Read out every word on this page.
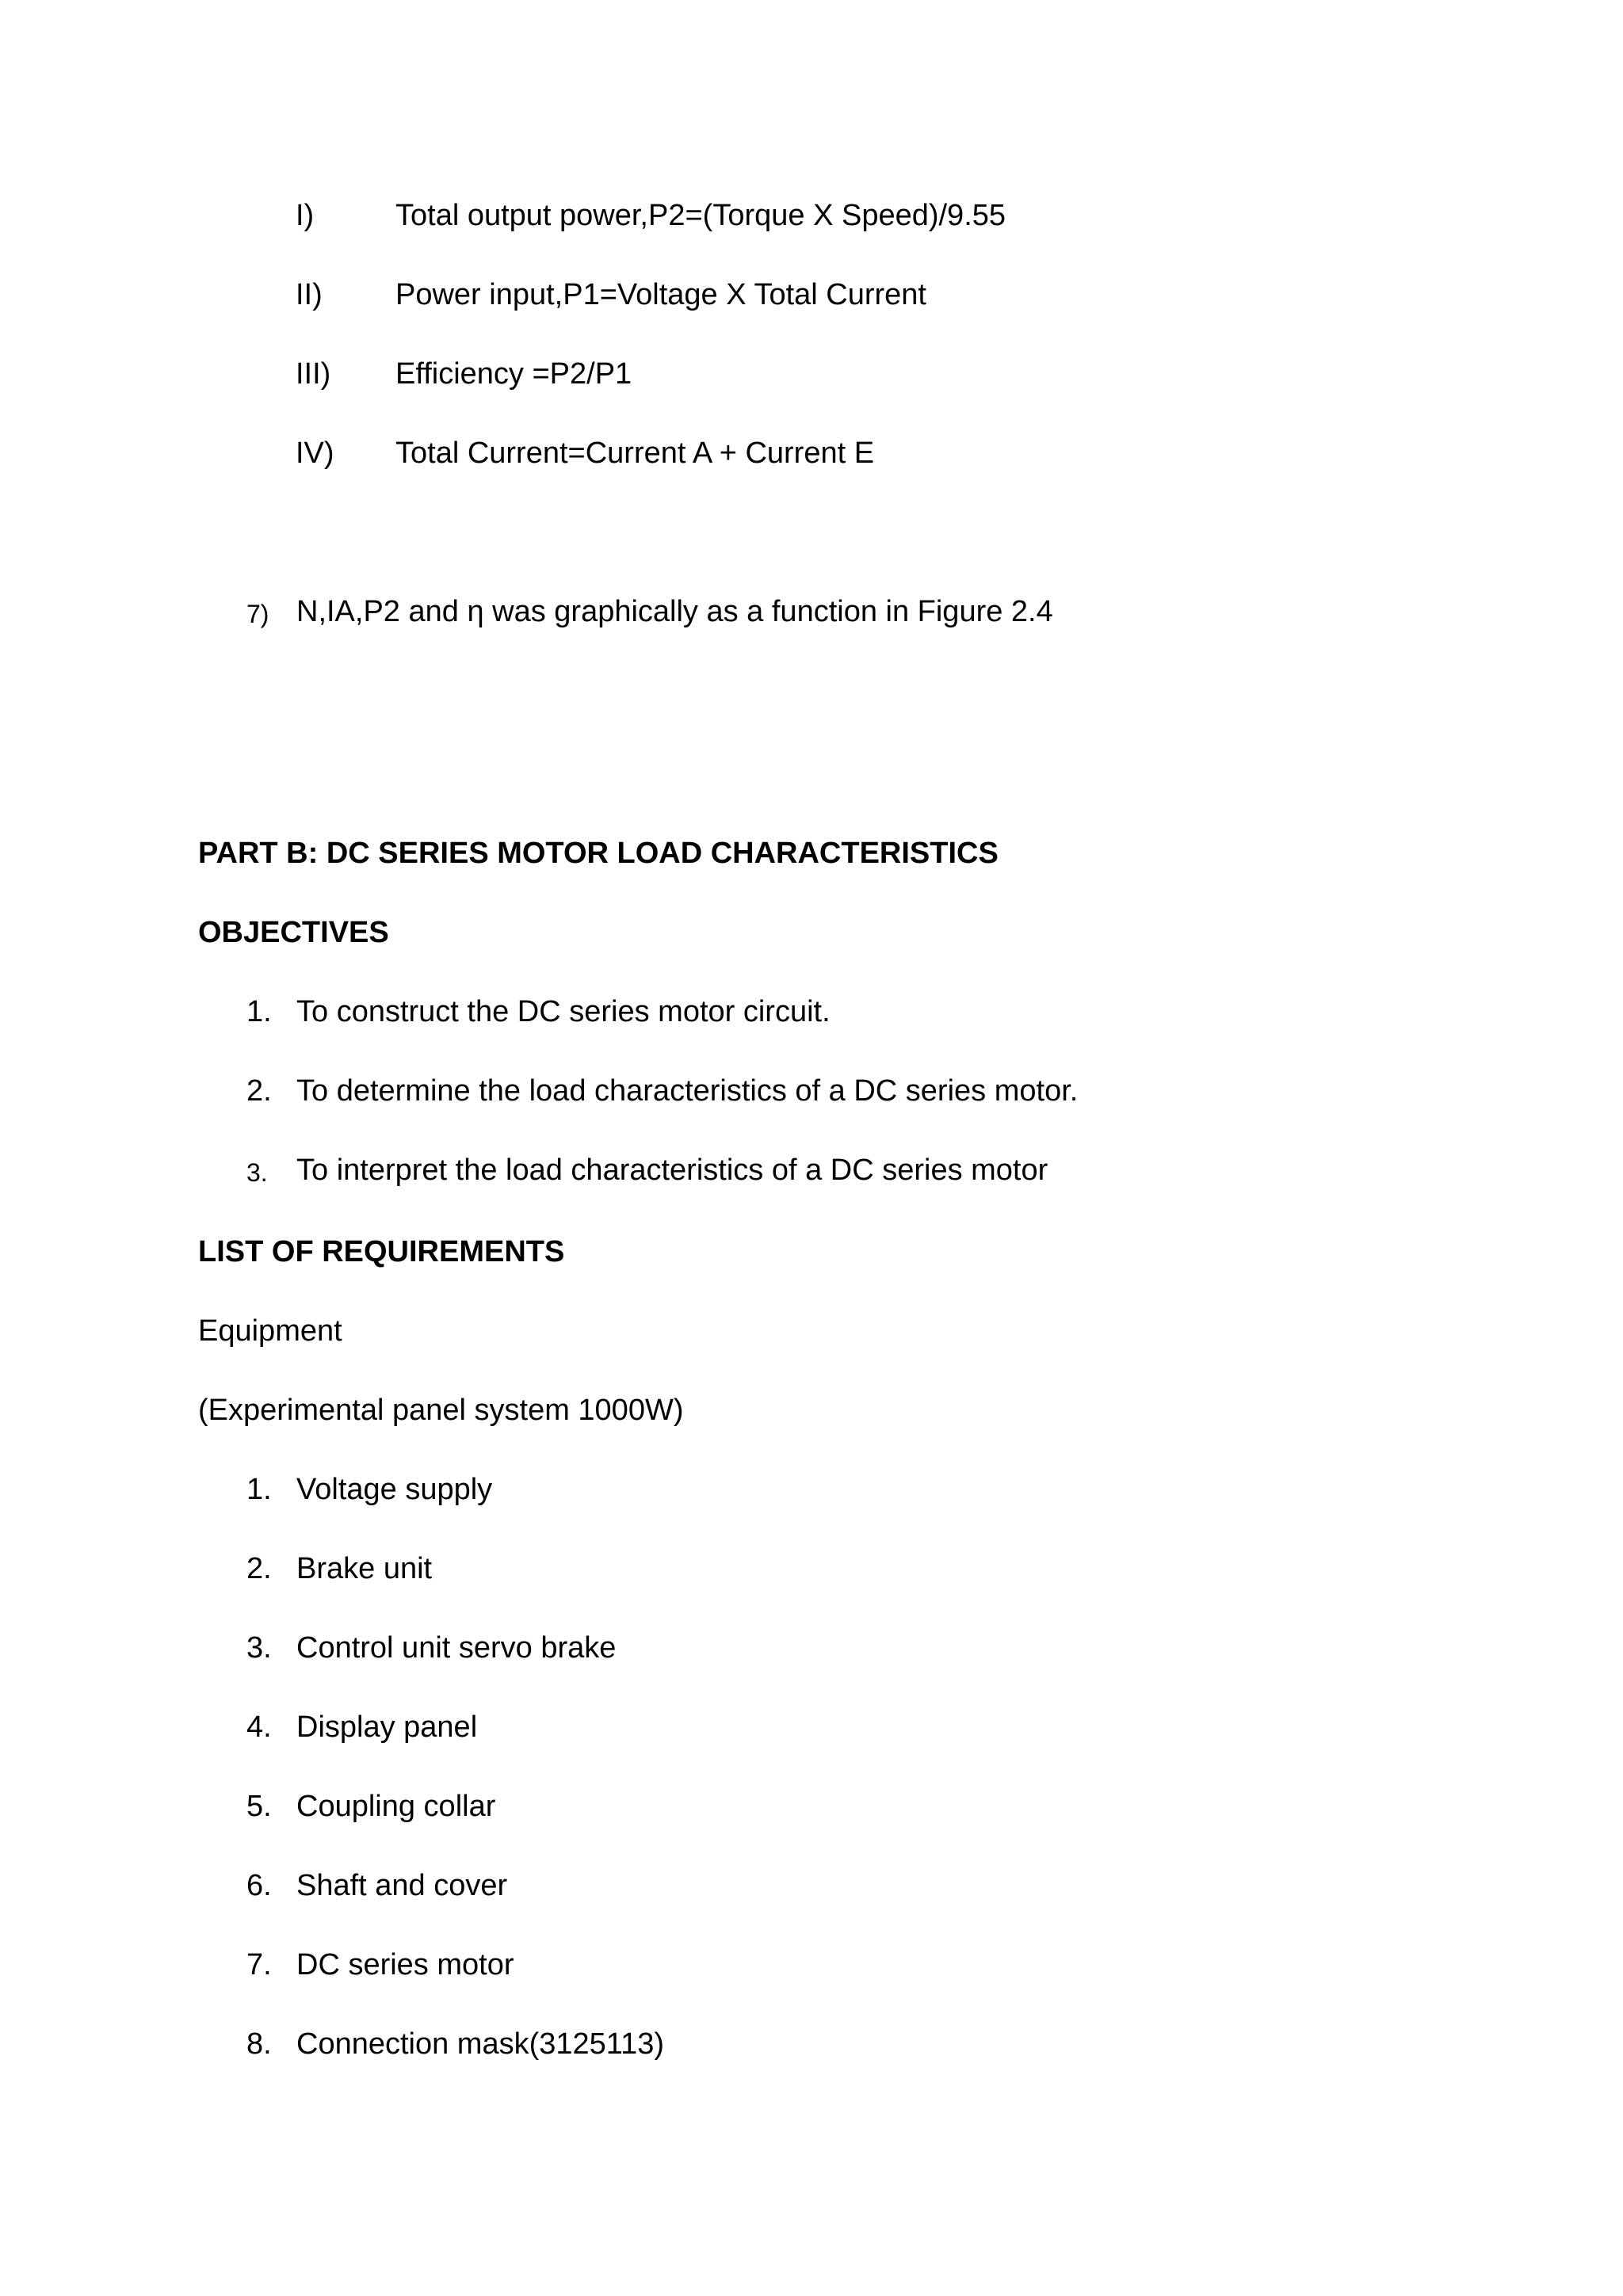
I)	Total output power,P2=(Torque X Speed)/9.55
II) Power input,P1=Voltage X Total Current
III) Efficiency =P2/P1
IV) Total Current=Current A + Current E
7) N,IA,P2 and η was graphically as a function in Figure 2.4
PART B: DC SERIES MOTOR LOAD CHARACTERISTICS
OBJECTIVES
1. To construct the DC series motor circuit.
2. To determine the load characteristics of a DC series motor.
3. To interpret the load characteristics of a DC series motor
LIST OF REQUIREMENTS
Equipment
(Experimental panel system 1000W)
1. Voltage supply
2. Brake unit
3. Control unit servo brake
4. Display panel
5. Coupling collar
6. Shaft and cover
7. DC series motor
8. Connection mask(3125113)
